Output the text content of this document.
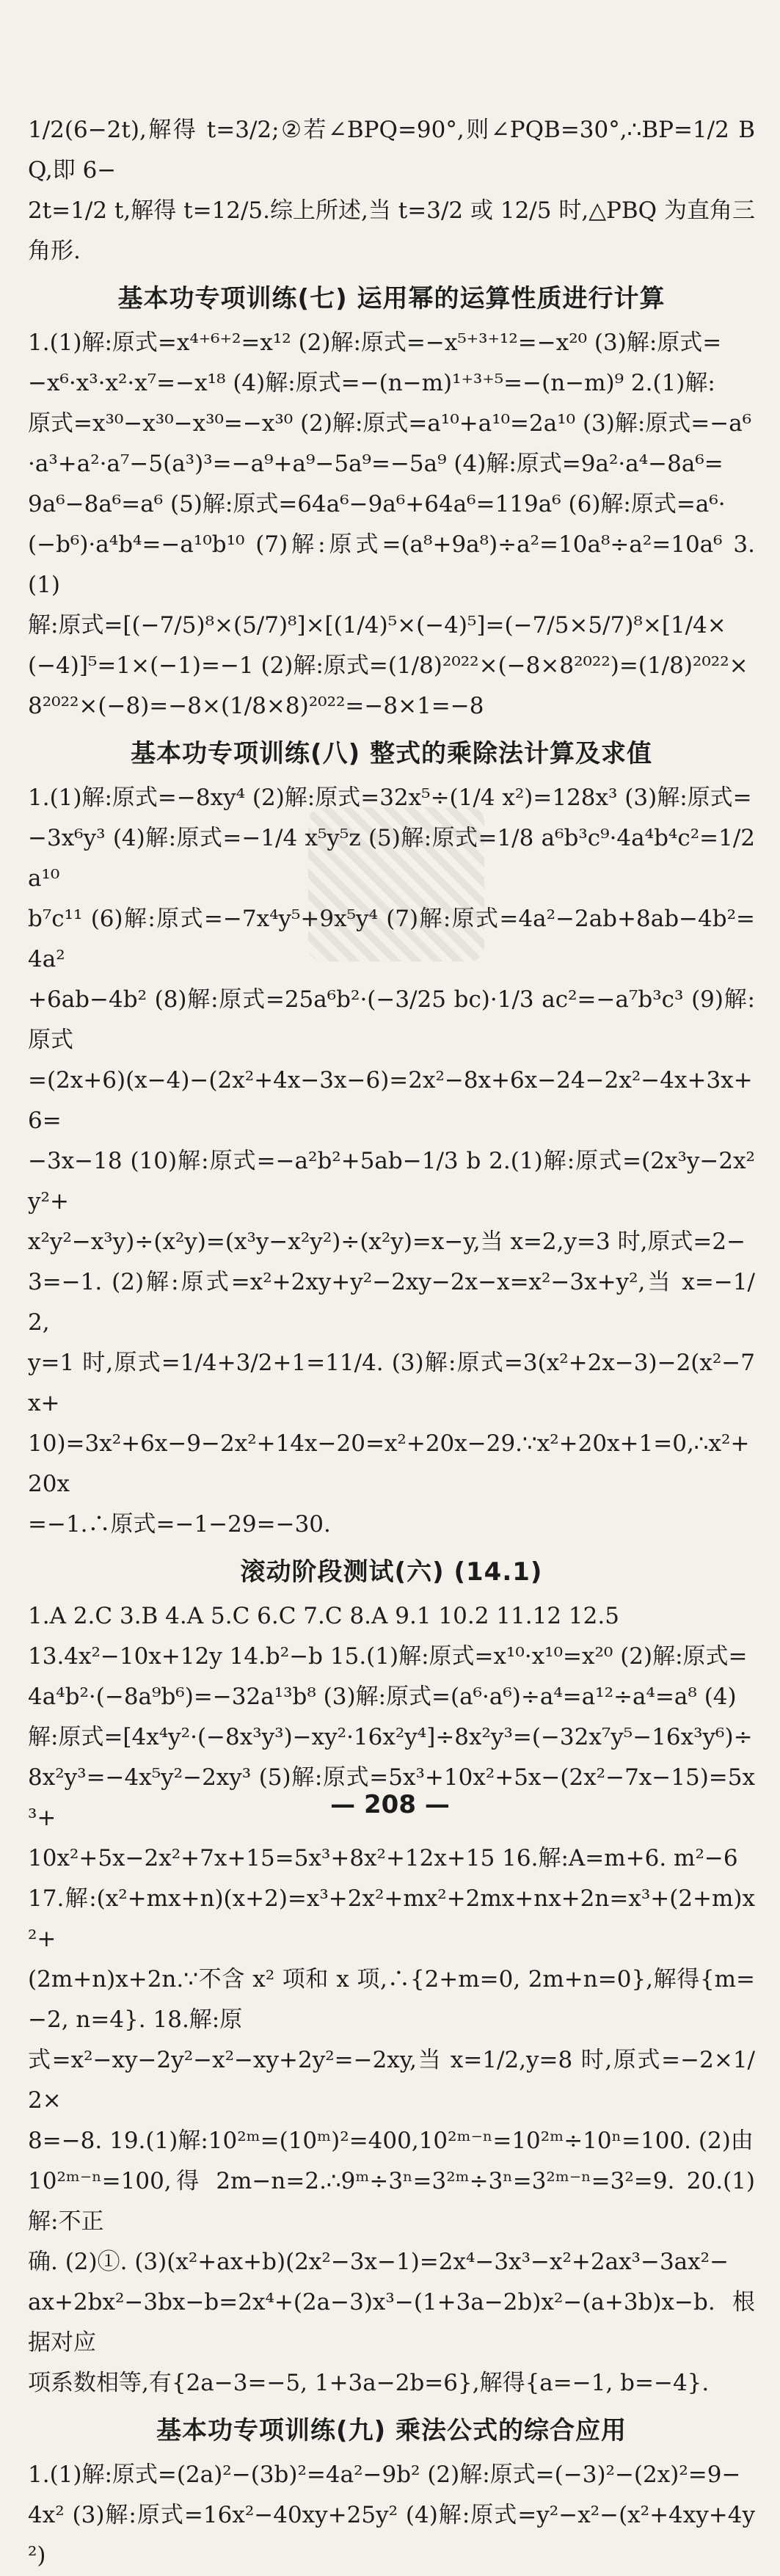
1/2(6−2t),解得 t=3/2;②若∠BPQ=90°,则∠PQB=30°,∴BP=1/2 BQ,即 6−
2t=1/2 t,解得 t=12/5.综上所述,当 t=3/2 或 12/5 时,△PBQ 为直角三角形.

基本功专项训练(七) 运用幂的运算性质进行计算

1.(1)解:原式=x⁴⁺⁶⁺²=x¹² (2)解:原式=−x⁵⁺³⁺¹²=−x²⁰ (3)解:原式=
−x⁶·x³·x²·x⁷=−x¹⁸ (4)解:原式=−(n−m)¹⁺³⁺⁵=−(n−m)⁹ 2.(1)解:
原式=x³⁰−x³⁰−x³⁰=−x³⁰ (2)解:原式=a¹⁰+a¹⁰=2a¹⁰ (3)解:原式=−a⁶
·a³+a²·a⁷−5(a³)³=−a⁹+a⁹−5a⁹=−5a⁹ (4)解:原式=9a²·a⁴−8a⁶=
9a⁶−8a⁶=a⁶ (5)解:原式=64a⁶−9a⁶+64a⁶=119a⁶ (6)解:原式=a⁶·
(−b⁶)·a⁴b⁴=−a¹⁰b¹⁰ (7)解:原式=(a⁸+9a⁸)÷a²=10a⁸÷a²=10a⁶ 3.(1)
解:原式=[(−7/5)⁸×(5/7)⁸]×[(1/4)⁵×(−4)⁵]=(−7/5×5/7)⁸×[1/4×
(−4)]⁵=1×(−1)=−1 (2)解:原式=(1/8)²⁰²²×(−8×8²⁰²²)=(1/8)²⁰²²×
8²⁰²²×(−8)=−8×(1/8×8)²⁰²²=−8×1=−8

基本功专项训练(八) 整式的乘除法计算及求值

1.(1)解:原式=−8xy⁴ (2)解:原式=32x⁵÷(1/4 x²)=128x³ (3)解:原式=
−3x⁶y³ (4)解:原式=−1/4 x⁵y⁵z (5)解:原式=1/8 a⁶b³c⁹·4a⁴b⁴c²=1/2 a¹⁰
b⁷c¹¹ (6)解:原式=−7x⁴y⁵+9x⁵y⁴ (7)解:原式=4a²−2ab+8ab−4b²=4a²
+6ab−4b² (8)解:原式=25a⁶b²·(−3/25 bc)·1/3 ac²=−a⁷b³c³ (9)解:原式
=(2x+6)(x−4)−(2x²+4x−3x−6)=2x²−8x+6x−24−2x²−4x+3x+6=
−3x−18 (10)解:原式=−a²b²+5ab−1/3 b 2.(1)解:原式=(2x³y−2x²y²+
x²y²−x³y)÷(x²y)=(x³y−x²y²)÷(x²y)=x−y,当 x=2,y=3 时,原式=2−
3=−1. (2)解:原式=x²+2xy+y²−2xy−2x−x=x²−3x+y²,当 x=−1/2,
y=1 时,原式=1/4+3/2+1=11/4. (3)解:原式=3(x²+2x−3)−2(x²−7x+
10)=3x²+6x−9−2x²+14x−20=x²+20x−29.∵x²+20x+1=0,∴x²+20x
=−1.∴原式=−1−29=−30.

滚动阶段测试(六) (14.1)

1.A 2.C 3.B 4.A 5.C 6.C 7.C 8.A 9.1 10.2 11.12 12.5
13.4x²−10x+12y 14.b²−b 15.(1)解:原式=x¹⁰·x¹⁰=x²⁰ (2)解:原式=
4a⁴b²·(−8a⁹b⁶)=−32a¹³b⁸ (3)解:原式=(a⁶·a⁶)÷a⁴=a¹²÷a⁴=a⁸ (4)
解:原式=[4x⁴y²·(−8x³y³)−xy²·16x²y⁴]÷8x²y³=(−32x⁷y⁵−16x³y⁶)÷
8x²y³=−4x⁵y²−2xy³ (5)解:原式=5x³+10x²+5x−(2x²−7x−15)=5x³+
10x²+5x−2x²+7x+15=5x³+8x²+12x+15 16.解:A=m+6. m²−6
17.解:(x²+mx+n)(x+2)=x³+2x²+mx²+2mx+nx+2n=x³+(2+m)x²+
(2m+n)x+2n.∵不含 x² 项和 x 项,∴{2+m=0, 2m+n=0},解得{m=−2, n=4}. 18.解:原
式=x²−xy−2y²−x²−xy+2y²=−2xy,当 x=1/2,y=8 时,原式=−2×1/2×
8=−8. 19.(1)解:10²ᵐ=(10ᵐ)²=400,10²ᵐ⁻ⁿ=10²ᵐ÷10ⁿ=100. (2)由
10²ᵐ⁻ⁿ=100,得 2m−n=2.∴9ᵐ÷3ⁿ=3²ᵐ÷3ⁿ=3²ᵐ⁻ⁿ=3²=9. 20.(1)解:不正
确. (2)①. (3)(x²+ax+b)(2x²−3x−1)=2x⁴−3x³−x²+2ax³−3ax²−
ax+2bx²−3bx−b=2x⁴+(2a−3)x³−(1+3a−2b)x²−(a+3b)x−b.根据对应
项系数相等,有{2a−3=−5, 1+3a−2b=6},解得{a=−1, b=−4}.

基本功专项训练(九) 乘法公式的综合应用

1.(1)解:原式=(2a)²−(3b)²=4a²−9b² (2)解:原式=(−3)²−(2x)²=9−
4x² (3)解:原式=16x²−40xy+25y² (4)解:原式=y²−x²−(x²+4xy+4y²)

— 208 —
